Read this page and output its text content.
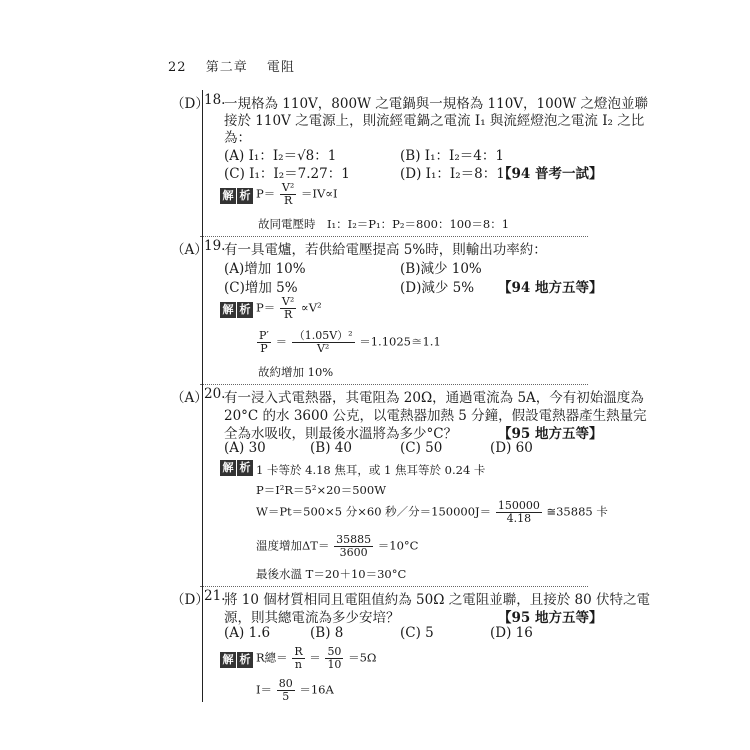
22 第二章 電阻
（D）
18.
一規格為 110V，800W 之電鍋與一規格為 110V，100W 之燈泡並聯
接於 110V 之電源上，則流經電鍋之電流 I₁ 與流經燈泡之電流 I₂ 之比
為：
(A) I₁：I₂＝√8：1	(B) I₁：I₂＝4：1
(C) I₁：I₂＝7.27：1	(D) I₁：I₂＝8：1
【94 普考一試】
解 析 $P= \frac{\text{V²}}{R} =IV\propto I$
故同電壓時　I₁：I₂＝P₁：P₂＝800：100＝8：1
（A）
19.
有一具電爐，若供給電壓提高 5%時，則輸出功率約：
(A)增加 10%	(B)減少 10%
(C)增加 5%	(D)減少 5% 【94 地方五等】
解 析 $P= \frac{\text{V²}}{R} \propto V^2$
$\frac{P'}{P} = \frac{\text{（1.05V）²}}{\text{V²}}$ ＝1.1025≅1.1
故約增加 10%
（A）
20.
有一浸入式電熱器，其電阻為 20Ω，通過電流為 5A，今有初始溫度為
20°C 的水 3600 公克，以電熱器加熱 5 分鐘，假設電熱器產生熱量完
全為水吸收，則最後水溫將為多少°C？	【95 地方五等】
(A) 30	(B) 40	(C) 50	(D) 60
解 析 1 卡等於 4.18 焦耳，或 1 焦耳等於 0.24 卡
P＝I²R＝5²×20＝500W
W＝Pt＝500×5 分×60 秒／分$=150000J= \frac{150000}{4.18}$ ≅35885 卡
溫度增加$\Delta T= \frac{35885}{3600} =10^\circ C$
最後水溫 T＝20＋10＝30°C
（D）
21.
將 10 個材質相同且電阻值約為 50Ω 之電阻並聯，且接於 80 伏特之電
源，則其總電流為多少安培？	【95 地方五等】
(A) 1.6	(B) 8	(C) 5	(D) 16
解 析 R總＝ $\frac{R}{n} = \frac{50}{10} =5\Omega$
$I= \frac{80}{5} =16A$
